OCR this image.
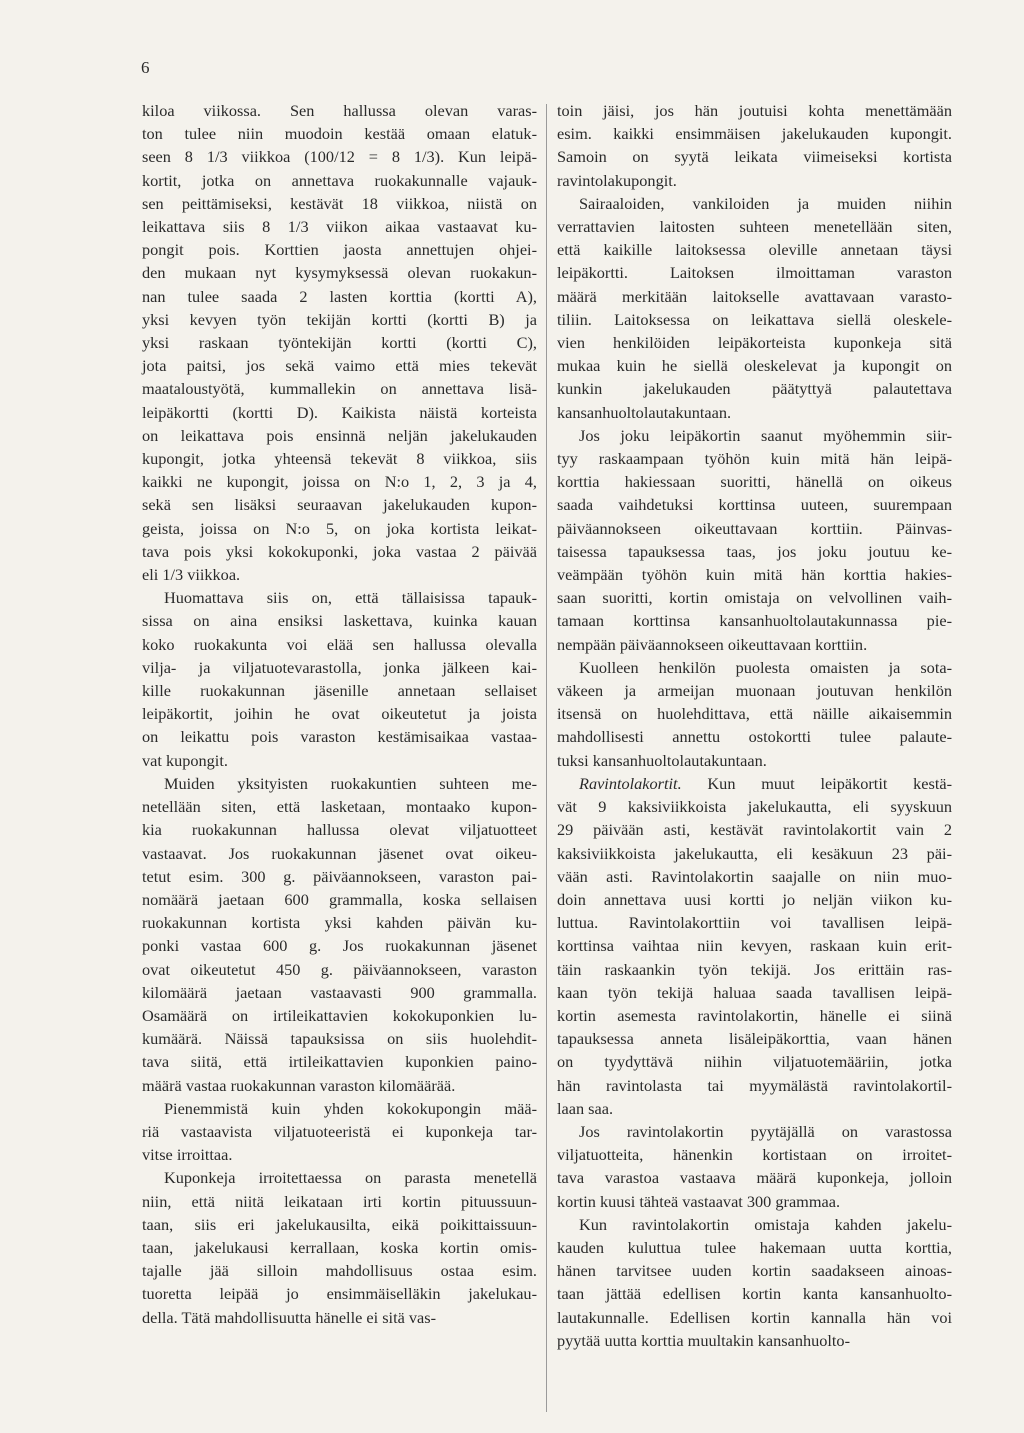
6

kiloa viikossa. Sen hallussa olevan varas-
ton tulee niin muodoin kestää omaan elatuk-
seen 8 1/3 viikkoa (100/12 = 8 1/3). Kun leipä-
kortit, jotka on annettava ruokakunnalle vajauk-
sen peittämiseksi, kestävät 18 viikkoa, niistä on
leikattava siis 8 1/3 viikon aikaa vastaavat ku-
pongit pois. Korttien jaosta annettujen ohjei-
den mukaan nyt kysymyksessä olevan ruokakun-
nan tulee saada 2 lasten korttia (kortti A),
yksi kevyen työn tekijän kortti (kortti B) ja
yksi raskaan työntekijän kortti (kortti C),
jota paitsi, jos sekä vaimo että mies tekevät
maataloustyötä, kummallekin on annettava lisä-
leipäkortti (kortti D). Kaikista näistä korteista
on leikattava pois ensinnä neljän jakelukauden
kupongit, jotka yhteensä tekevät 8 viikkoa, siis
kaikki ne kupongit, joissa on N:o 1, 2, 3 ja 4,
sekä sen lisäksi seuraavan jakelukauden kupon-
geista, joissa on N:o 5, on joka kortista leikat-
tava pois yksi kokokuponki, joka vastaa 2 päivää
eli 1/3 viikkoa.

Huomattava siis on, että tällaisissa tapauk-
sissa on aina ensiksi laskettava, kuinka kauan
koko ruokakunta voi elää sen hallussa olevalla
vilja- ja viljatuotevarastolla, jonka jälkeen kai-
kille ruokakunnan jäsenille annetaan sellaiset
leipäkortit, joihin he ovat oikeutetut ja joista
on leikattu pois varaston kestämisaikaa vastaa-
vat kupongit.

Muiden yksityisten ruokakuntien suhteen me-
netellään siten, että lasketaan, montaako kupon-
kia ruokakunnan hallussa olevat viljatuotteet
vastaavat. Jos ruokakunnan jäsenet ovat oikeu-
tetut esim. 300 g. päiväannokseen, varaston pai-
nomäärä jaetaan 600 grammalla, koska sellaisen
ruokakunnan kortista yksi kahden päivän ku-
ponki vastaa 600 g. Jos ruokakunnan jäsenet
ovat oikeutetut 450 g. päiväannokseen, varaston
kilomäärä jaetaan vastaavasti 900 grammalla.
Osamäärä on irtileikattavien kokokuponkien lu-
kumäärä. Näissä tapauksissa on siis huolehdit-
tava siitä, että irtileikattavien kuponkien paino-
määrä vastaa ruokakunnan varaston kilomäärää.

Pienemmistä kuin yhden kokokupongin mää-
riä vastaavista viljatuoteeristä ei kuponkeja tar-
vitse irroittaa.

Kuponkeja irroitettaessa on parasta menetellä
niin, että niitä leikataan irti kortin pituussuun-
taan, siis eri jakelukausilta, eikä poikittaissuun-
taan, jakelukausi kerrallaan, koska kortin omis-
tajalle jää silloin mahdollisuus ostaa esim.
tuoretta leipää jo ensimmäiselläkin jakelukau-
della. Tätä mahdollisuutta hänelle ei sitä vas-

toin jäisi, jos hän joutuisi kohta menettämään
esim. kaikki ensimmäisen jakelukauden kupongit.
Samoin on syytä leikata viimeiseksi kortista
ravintolakupongit.

Sairaaloiden, vankiloiden ja muiden niihin
verrattavien laitosten suhteen menetellään siten,
että kaikille laitoksessa oleville annetaan täysi
leipäkortti. Laitoksen ilmoittaman varaston
määrä merkitään laitokselle avattavaan varasto-
tiliin. Laitoksessa on leikattava siellä oleskele-
vien henkilöiden leipäkorteista kuponkeja sitä
mukaa kuin he siellä oleskelevat ja kupongit on
kunkin jakelukauden päätyttyä palautettava
kansanhuoltolautakuntaan.

Jos joku leipäkortin saanut myöhemmin siir-
tyy raskaampaan työhön kuin mitä hän leipä-
korttia hakiessaan suoritti, hänellä on oikeus
saada vaihdetuksi korttinsa uuteen, suurempaan
päiväannokseen oikeuttavaan korttiin. Päinvas-
taisessa tapauksessa taas, jos joku joutuu ke-
veämpään työhön kuin mitä hän korttia hakies-
saan suoritti, kortin omistaja on velvollinen vaih-
tamaan korttinsa kansanhuoltolautakunnassa pie-
nempään päiväannokseen oikeuttavaan korttiin.

Kuolleen henkilön puolesta omaisten ja sota-
väkeen ja armeijan muonaan joutuvan henkilön
itsensä on huolehdittava, että näille aikaisemmin
mahdollisesti annettu ostokortti tulee palaute-
tuksi kansanhuoltolautakuntaan.

Ravintolakortit. Kun muut leipäkortit kestä-
vät 9 kaksiviikkoista jakelukautta, eli syyskuun
29 päivään asti, kestävät ravintolakortit vain 2
kaksiviikkoista jakelukautta, eli kesäkuun 23 päi-
vään asti. Ravintolakortin saajalle on niin muo-
doin annettava uusi kortti jo neljän viikon ku-
luttua. Ravintolakorttiin voi tavallisen leipä-
korttinsa vaihtaa niin kevyen, raskaan kuin erit-
täin raskaankin työn tekijä. Jos erittäin ras-
kaan työn tekijä haluaa saada tavallisen leipä-
kortin asemesta ravintolakortin, hänelle ei siinä
tapauksessa anneta lisäleipäkorttia, vaan hänen
on tyydyttävä niihin viljatuotemääriin, jotka
hän ravintolasta tai myymälästä ravintolakortil-
laan saa.

Jos ravintolakortin pyytäjällä on varastossa
viljatuotteita, hänenkin kortistaan on irroitet-
tava varastoa vastaava määrä kuponkeja, jolloin
kortin kuusi tähteä vastaavat 300 grammaa.

Kun ravintolakortin omistaja kahden jakelu-
kauden kuluttua tulee hakemaan uutta korttia,
hänen tarvitsee uuden kortin saadakseen ainoas-
taan jättää edellisen kortin kanta kansanhuolto-
lautakunnalle. Edellisen kortin kannalla hän voi
pyytää uutta korttia muultakin kansanhuolto-
